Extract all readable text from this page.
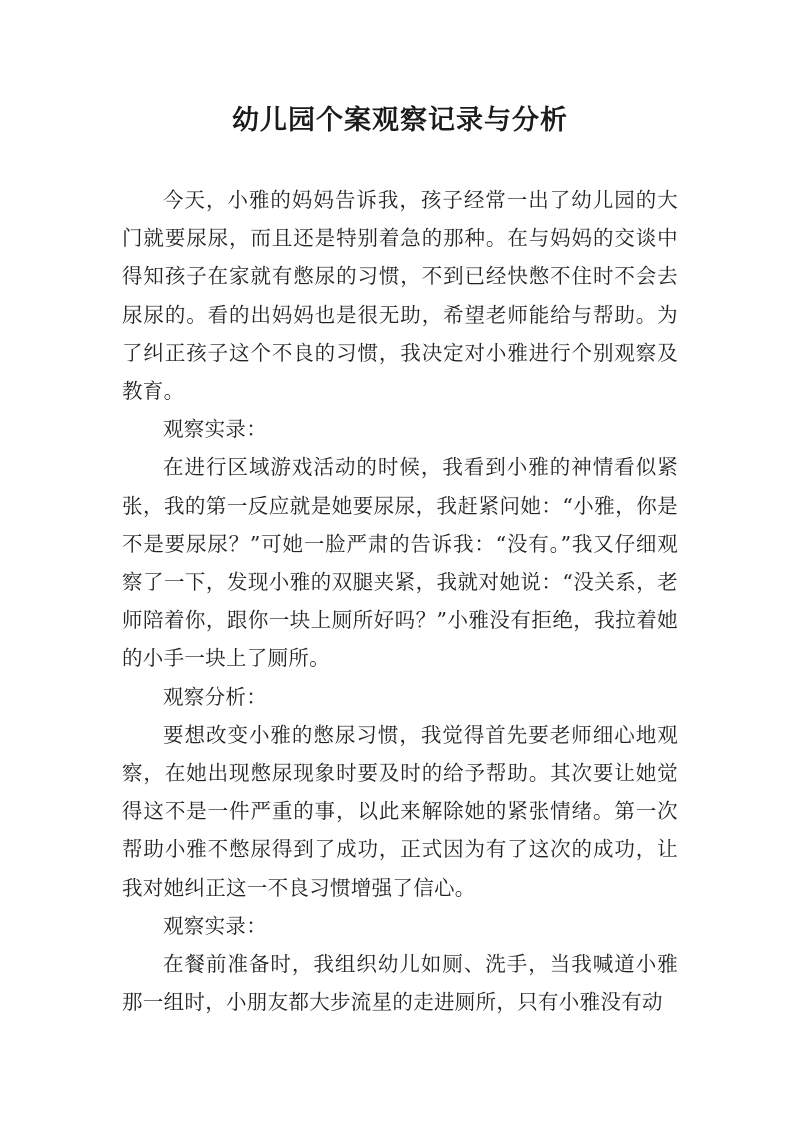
幼儿园个案观察记录与分析

今天，小雅的妈妈告诉我，孩子经常一出了幼儿园的大门就要尿尿，而且还是特别着急的那种。在与妈妈的交谈中得知孩子在家就有憋尿的习惯，不到已经快憋不住时不会去尿尿的。看的出妈妈也是很无助，希望老师能给与帮助。为了纠正孩子这个不良的习惯，我决定对小雅进行个别观察及教育。

观察实录：

在进行区域游戏活动的时候，我看到小雅的神情看似紧张，我的第一反应就是她要尿尿，我赶紧问她：“小雅，你是不是要尿尿？”可她一脸严肃的告诉我：“没有。”我又仔细观察了一下，发现小雅的双腿夹紧，我就对她说：“没关系，老师陪着你，跟你一块上厕所好吗？”小雅没有拒绝，我拉着她的小手一块上了厕所。

观察分析：

要想改变小雅的憋尿习惯，我觉得首先要老师细心地观察，在她出现憋尿现象时要及时的给予帮助。其次要让她觉得这不是一件严重的事，以此来解除她的紧张情绪。第一次帮助小雅不憋尿得到了成功，正式因为有了这次的成功，让我对她纠正这一不良习惯增强了信心。

观察实录：

在餐前准备时，我组织幼儿如厕、洗手，当我喊道小雅那一组时，小朋友都大步流星的走进厕所，只有小雅没有动
